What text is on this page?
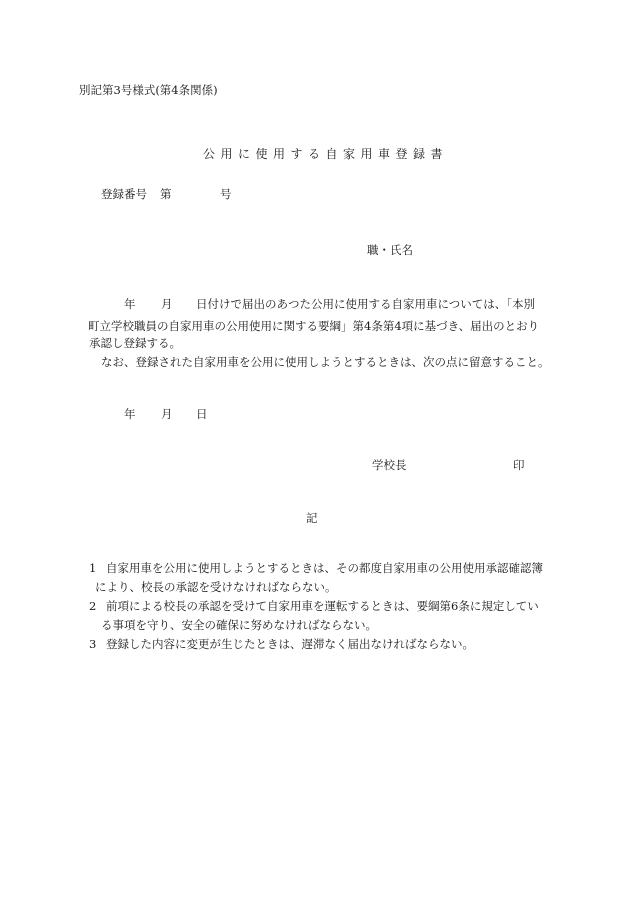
別記第3号様式(第4条関係)
公用に使用する自家用車登録書
登録番号 第	号
職・氏名
年 月 日付けで届出のあつた公用に使用する自家用車については、「本別
町立学校職員の自家用車の公用使用に関する要綱」第4条第4項に基づき、届出のとおり
承認し登録する。
なお、登録された自家用車を公用に使用しようとするときは、次の点に留意すること。
年 月 日
学校長	印
記
1 自家用車を公用に使用しようとするときは、その都度自家用車の公用使用承認確認簿
により、校長の承認を受けなければならない。
2 前項による校長の承認を受けて自家用車を運転するときは、要綱第6条に規定してい
る事項を守り、安全の確保に努めなければならない。
3 登録した内容に変更が生じたときは、遅滞なく届出なければならない。
